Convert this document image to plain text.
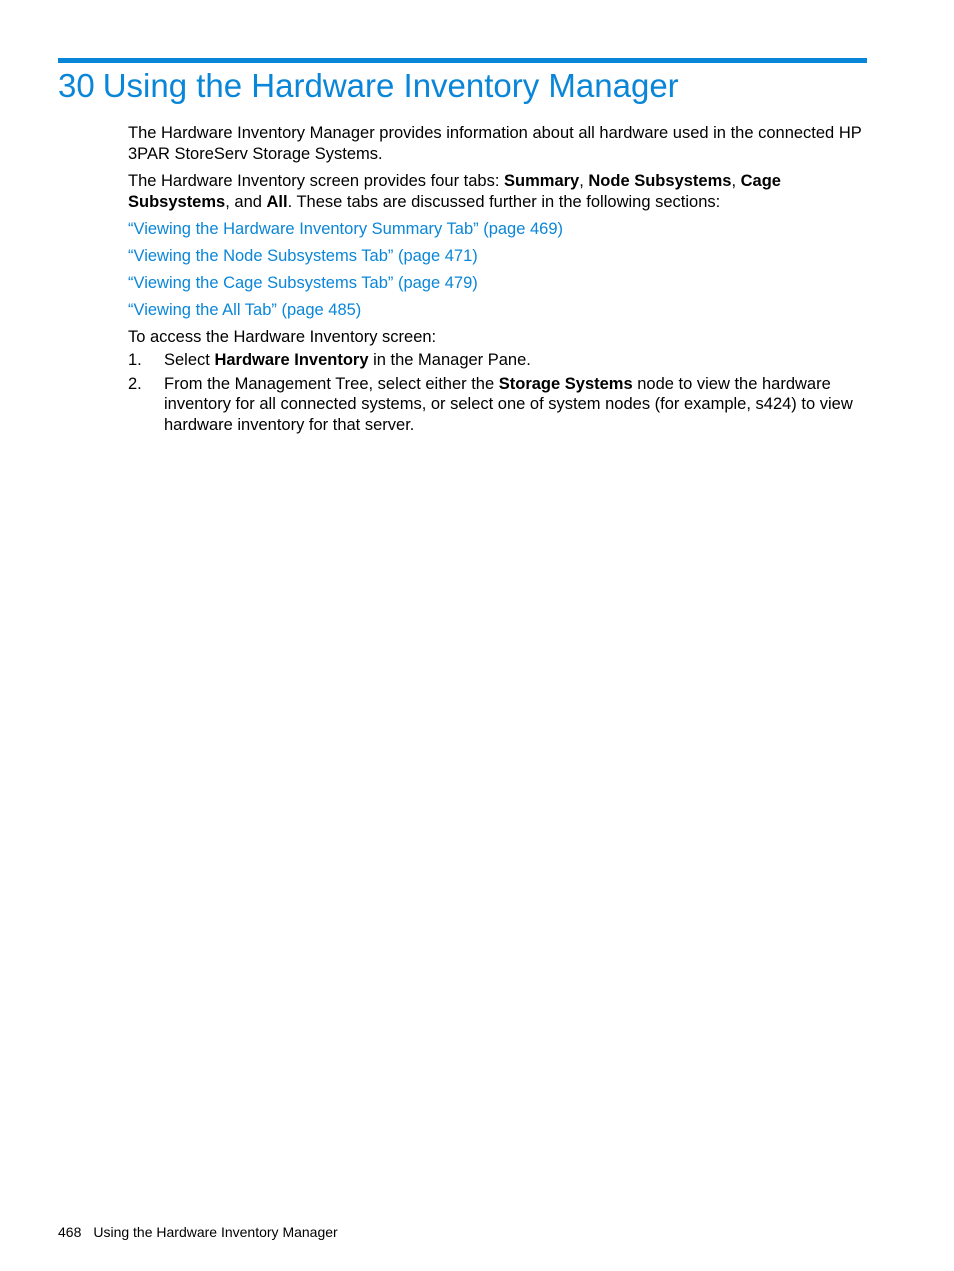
30 Using the Hardware Inventory Manager

The Hardware Inventory Manager provides information about all hardware used in the connected HP 3PAR StoreServ Storage Systems.

The Hardware Inventory screen provides four tabs: Summary, Node Subsystems, Cage Subsystems, and All. These tabs are discussed further in the following sections:

“Viewing the Hardware Inventory Summary Tab” (page 469)
“Viewing the Node Subsystems Tab” (page 471)
“Viewing the Cage Subsystems Tab” (page 479)
“Viewing the All Tab” (page 485)

To access the Hardware Inventory screen:

1. Select Hardware Inventory in the Manager Pane.
2. From the Management Tree, select either the Storage Systems node to view the hardware inventory for all connected systems, or select one of system nodes (for example, s424) to view hardware inventory for that server.
468 Using the Hardware Inventory Manager
